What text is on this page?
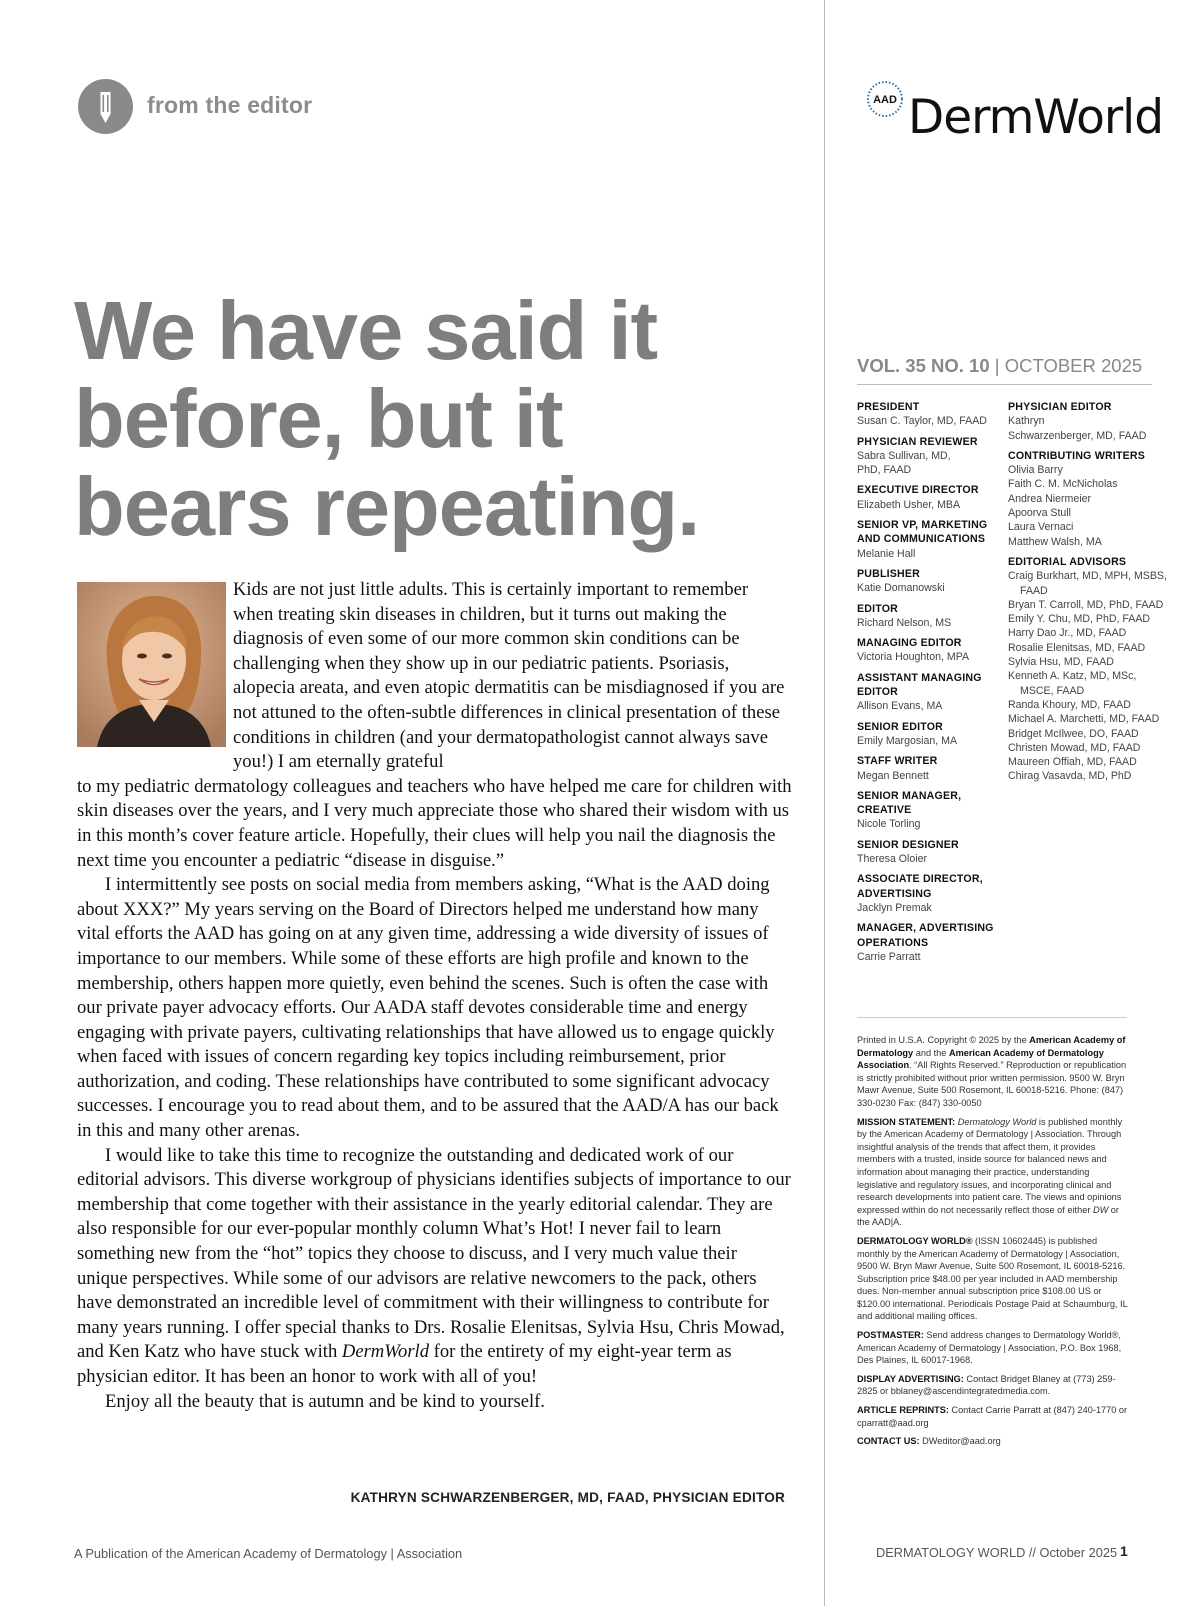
from the editor	AAD DermWorld
We have said it
before, but it
bears repeating.

Kids are not just little adults. This is certainly important to remember when treating skin diseases in children, but it turns out making the diagnosis of even some of our more common skin conditions can be challenging when they show up in our pediatric patients. Psoriasis, alopecia areata, and even atopic dermatitis can be misdiagnosed if you are not attuned to the often-subtle differences in clinical presentation of these conditions in children (and your dermatopathologist cannot always save you!) I am eternally grateful

to my pediatric dermatology colleagues and teachers who have helped me care for children with skin diseases over the years, and I very much appreciate those who shared their wisdom with us in this month’s cover feature article. Hopefully, their clues will help you nail the diagnosis the next time you encounter a pediatric “disease in disguise.”

I intermittently see posts on social media from members asking, “What is the AAD doing about XXX?” My years serving on the Board of Directors helped me understand how many vital efforts the AAD has going on at any given time, addressing a wide diversity of issues of importance to our members. While some of these efforts are high profile and known to the membership, others happen more quietly, even behind the scenes. Such is often the case with our private payer advocacy efforts. Our AADA staff devotes considerable time and energy engaging with private payers, cultivating relationships that have allowed us to engage quickly when faced with issues of concern regarding key topics including reimbursement, prior authorization, and coding. These relationships have contributed to some significant advocacy successes. I encourage you to read about them, and to be assured that the AAD/A has our back in this and many other arenas.

I would like to take this time to recognize the outstanding and dedicated work of our editorial advisors. This diverse workgroup of physicians identifies subjects of importance to our membership that come together with their assistance in the yearly editorial calendar. They are also responsible for our ever-popular monthly column What’s Hot! I never fail to learn something new from the “hot” topics they choose to discuss, and I very much value their unique perspectives. While some of our advisors are relative newcomers to the pack, others have demonstrated an incredible level of commitment with their willingness to contribute for many years running. I offer special thanks to Drs. Rosalie Elenitsas, Sylvia Hsu, Chris Mowad, and Ken Katz who have stuck with DermWorld for the entirety of my eight-year term as physician editor. It has been an honor to work with all of you!

Enjoy all the beauty that is autumn and be kind to yourself.

KATHRYN SCHWARZENBERGER, MD, FAAD, PHYSICIAN EDITOR
VOL. 35 NO. 10 | OCTOBER 2025
PRESIDENT
Susan C. Taylor, MD, FAAD
PHYSICIAN REVIEWER
Sabra Sullivan, MD,
PhD, FAAD
EXECUTIVE DIRECTOR
Elizabeth Usher, MBA
SENIOR VP, MARKETING AND COMMUNICATIONS
Melanie Hall
PUBLISHER
Katie Domanowski
EDITOR
Richard Nelson, MS
MANAGING EDITOR
Victoria Houghton, MPA
ASSISTANT MANAGING EDITOR
Allison Evans, MA
SENIOR EDITOR
Emily Margosian, MA
STAFF WRITER
Megan Bennett
SENIOR MANAGER, CREATIVE
Nicole Torling
SENIOR DESIGNER
Theresa Oloier
ASSOCIATE DIRECTOR, ADVERTISING
Jacklyn Premak
MANAGER, ADVERTISING OPERATIONS
Carrie Parratt
PHYSICIAN EDITOR
Kathryn
Schwarzenberger, MD, FAAD
CONTRIBUTING WRITERS
Olivia Barry
Faith C. M. McNicholas
Andrea Niermeier
Apoorva Stull
Laura Vernaci
Matthew Walsh, MA
EDITORIAL ADVISORS
Craig Burkhart, MD, MPH, MSBS, FAAD
Bryan T. Carroll, MD, PhD, FAAD
Emily Y. Chu, MD, PhD, FAAD
Harry Dao Jr., MD, FAAD
Rosalie Elenitsas, MD, FAAD
Sylvia Hsu, MD, FAAD
Kenneth A. Katz, MD, MSc, MSCE, FAAD
Randa Khoury, MD, FAAD
Michael A. Marchetti, MD, FAAD
Bridget McIlwee, DO, FAAD
Christen Mowad, MD, FAAD
Maureen Offiah, MD, FAAD
Chirag Vasavda, MD, PhD

Printed in U.S.A. Copyright © 2025 by the American Academy of Dermatology and the American Academy of Dermatology Association. “All Rights Reserved.” Reproduction or republication is strictly prohibited without prior written permission. 9500 W. Bryn Mawr Avenue, Suite 500 Rosemont, IL 60018-5216. Phone: (847) 330-0230 Fax: (847) 330-0050

MISSION STATEMENT: Dermatology World is published monthly by the American Academy of Dermatology | Association. Through insightful analysis of the trends that affect them, it provides members with a trusted, inside source for balanced news and information about managing their practice, understanding legislative and regulatory issues, and incorporating clinical and research developments into patient care. The views and opinions expressed within do not necessarily reflect those of either DW or the AAD|A.

DERMATOLOGY WORLD® (ISSN 10602445) is published monthly by the American Academy of Dermatology | Association, 9500 W. Bryn Mawr Avenue, Suite 500 Rosemont, IL 60018-5216. Subscription price $48.00 per year included in AAD membership dues. Non-member annual subscription price $108.00 US or $120.00 international. Periodicals Postage Paid at Schaumburg, IL and additional mailing offices.

POSTMASTER: Send address changes to Dermatology World®, American Academy of Dermatology | Association, P.O. Box 1968, Des Plaines, IL 60017-1968.

DISPLAY ADVERTISING: Contact Bridget Blaney at (773) 259-2825 or bblaney@ascendintegratedmedia.com.

ARTICLE REPRINTS: Contact Carrie Parratt at (847) 240-1770 or cparratt@aad.org

CONTACT US: DWeditor@aad.org

A Publication of the American Academy of Dermatology | Association	DERMATOLOGY WORLD // October 2025 1
